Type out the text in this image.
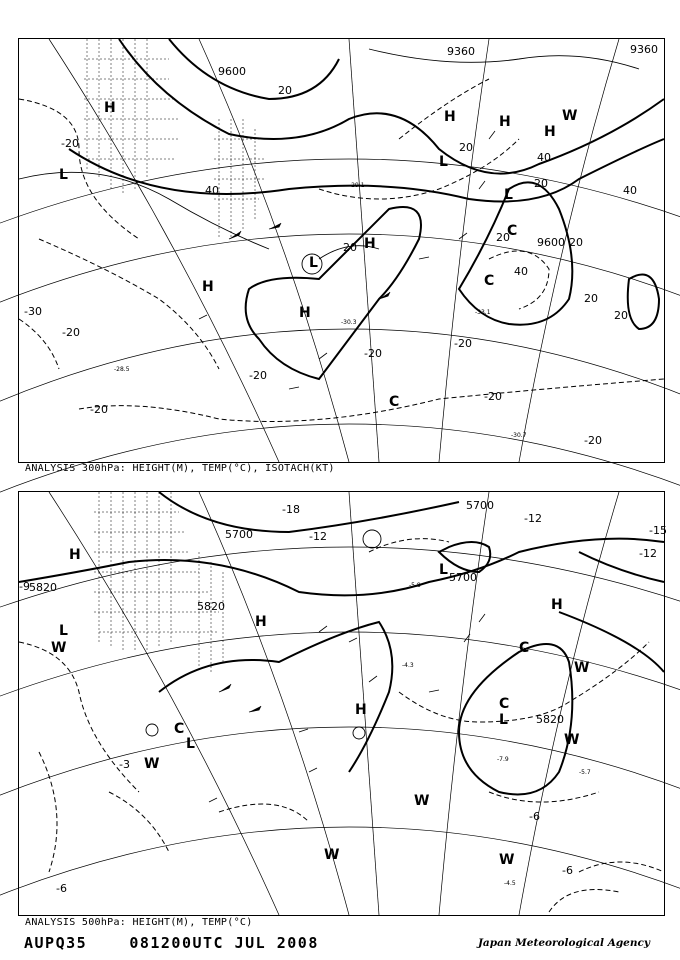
9360	9360
9600
9600
-20
-20
-20
-20
-20
-20
-20
-30
-20
20
40
40
40
20
20
40
20
20
20
20
20
H
H
H
H
H
H
H
L
L
L
C
C
C
L
W
-33.1
-28.5
-30.3
-29.1
-30.7
ANALYSIS 300hPa: HEIGHT(M), TEMP(°C), ISOTACH(KT)
5700
5700
5820
5820
5820
5700
-18
-15
-12
-12
-9
-6
-6
-3
-6
-12
H
H
H
H
L
L
L
L
C
C
C
W
W
W	W
W
W
W
-7.9
-5.7
-4.5
-4.3
-5.8
ANALYSIS 500hPa: HEIGHT(M), TEMP(°C)
AUPQ35	081200UTC JUL 2008	Japan Meteorological Agency
